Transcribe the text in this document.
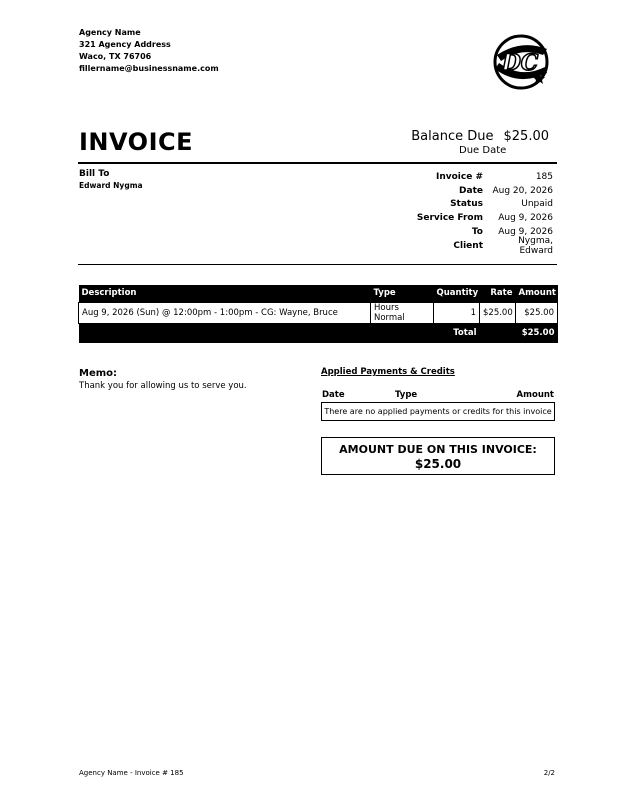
Agency Name
321 Agency Address
Waco, TX 76706
fillername@businessname.com	DC
INVOICE	Balance Due $25.00
Due Date
Bill To
Edward Nygma
Invoice #	185
Date	Aug 20, 2026
Status	Unpaid
Service From	Aug 9, 2026
To	Aug 9, 2026
Client	Nygma, Edward
Description	Type	Quantity	Rate	Amount
Aug 9, 2026 (Sun) @ 12:00pm - 1:00pm - CG: Wayne, Bruce	Hours Normal	1	$25.00	$25.00
		Total		$25.00
Memo:
Thank you for allowing us to serve you.
Applied Payments & Credits
Date	Type	Amount
There are no applied payments or credits for this invoice
AMOUNT DUE ON THIS INVOICE:
$25.00
Agency Name - Invoice # 185	2/2
